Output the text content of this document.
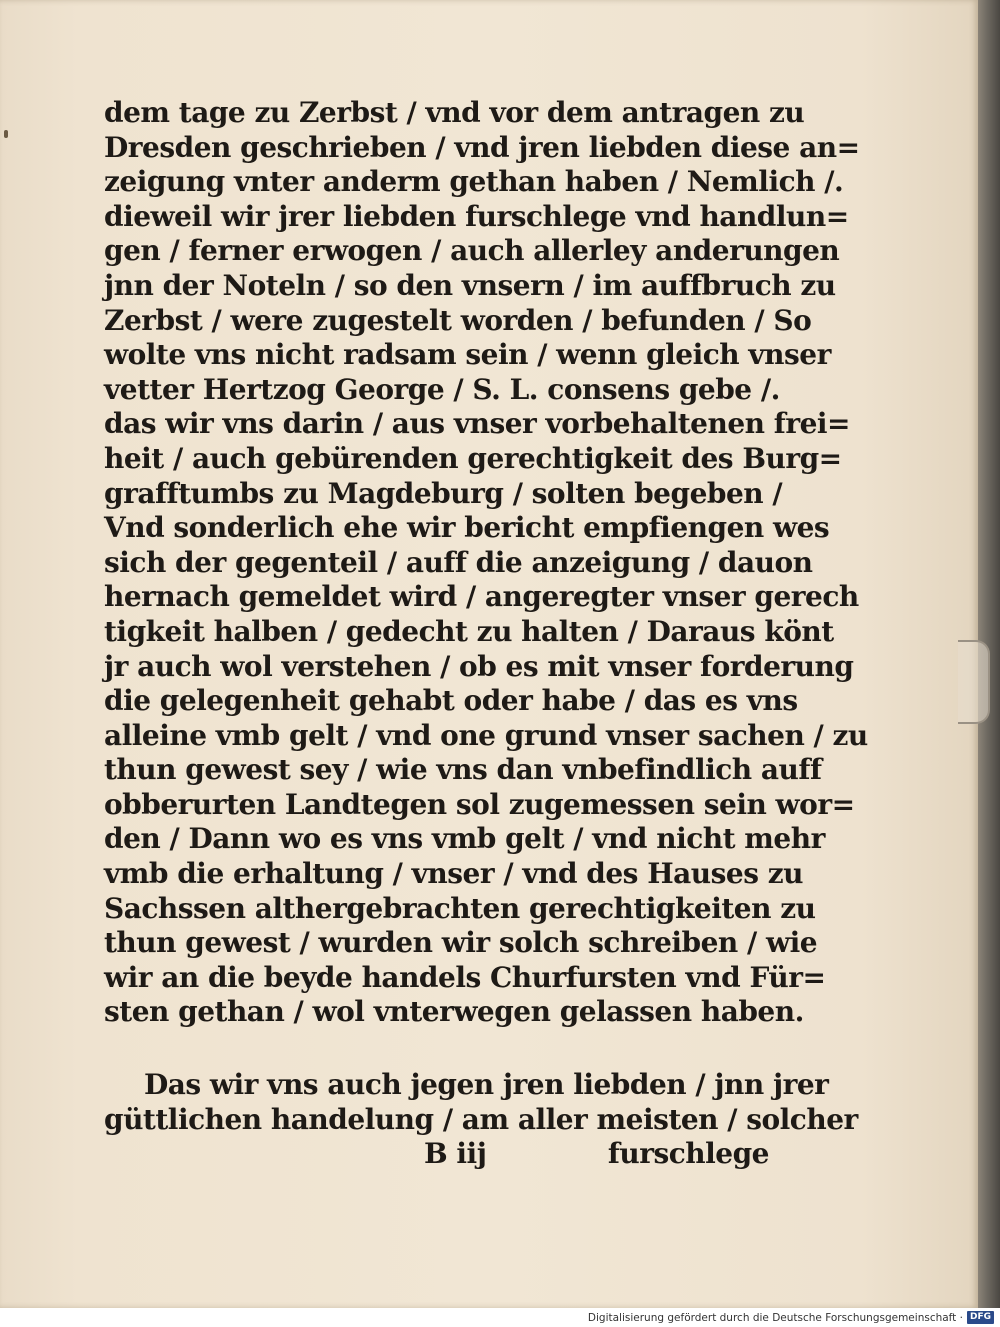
dem tage zu Zerbst / vnd vor dem antragen zu
Dresden geschrieben / vnd jren liebden diese an=
zeigung vnter anderm gethan haben / Nemlich /.
dieweil wir jrer liebden furschlege vnd handlun=
gen / ferner erwogen / auch allerley anderungen
jnn der Noteln / so den vnsern / im auffbruch zu
Zerbst / were zugestelt worden / befunden / So
wolte vns nicht radsam sein / wenn gleich vnser
vetter Hertzog George / S. L. consens gebe /.
das wir vns darin / aus vnser vorbehaltenen frei=
heit / auch gebürenden gerechtigkeit des Burg=
grafftumbs zu Magdeburg / solten begeben /
Vnd sonderlich ehe wir bericht empfiengen wes
sich der gegenteil / auff die anzeigung / dauon
hernach gemeldet wird / angeregter vnser gerech
tigkeit halben / gedecht zu halten / Daraus könt
jr auch wol verstehen / ob es mit vnser forderung
die gelegenheit gehabt oder habe / das es vns
alleine vmb gelt / vnd one grund vnser sachen / zu
thun gewest sey / wie vns dan vnbefindlich auff
obberurten Landtegen sol zugemessen sein wor=
den / Dann wo es vns vmb gelt / vnd nicht mehr
vmb die erhaltung / vnser / vnd des Hauses zu
Sachssen althergebrachten gerechtigkeiten zu
thun gewest / wurden wir solch schreiben / wie
wir an die beyde handels Churfursten vnd Für=
sten gethan / wol vnterwegen gelassen haben.
Das wir vns auch jegen jren liebden / jnn jrer
güttlichen handelung / am aller meisten / solcher
B iij	furschlege
Digitalisierung gefördert durch die Deutsche Forschungsgemeinschaft · DFG
